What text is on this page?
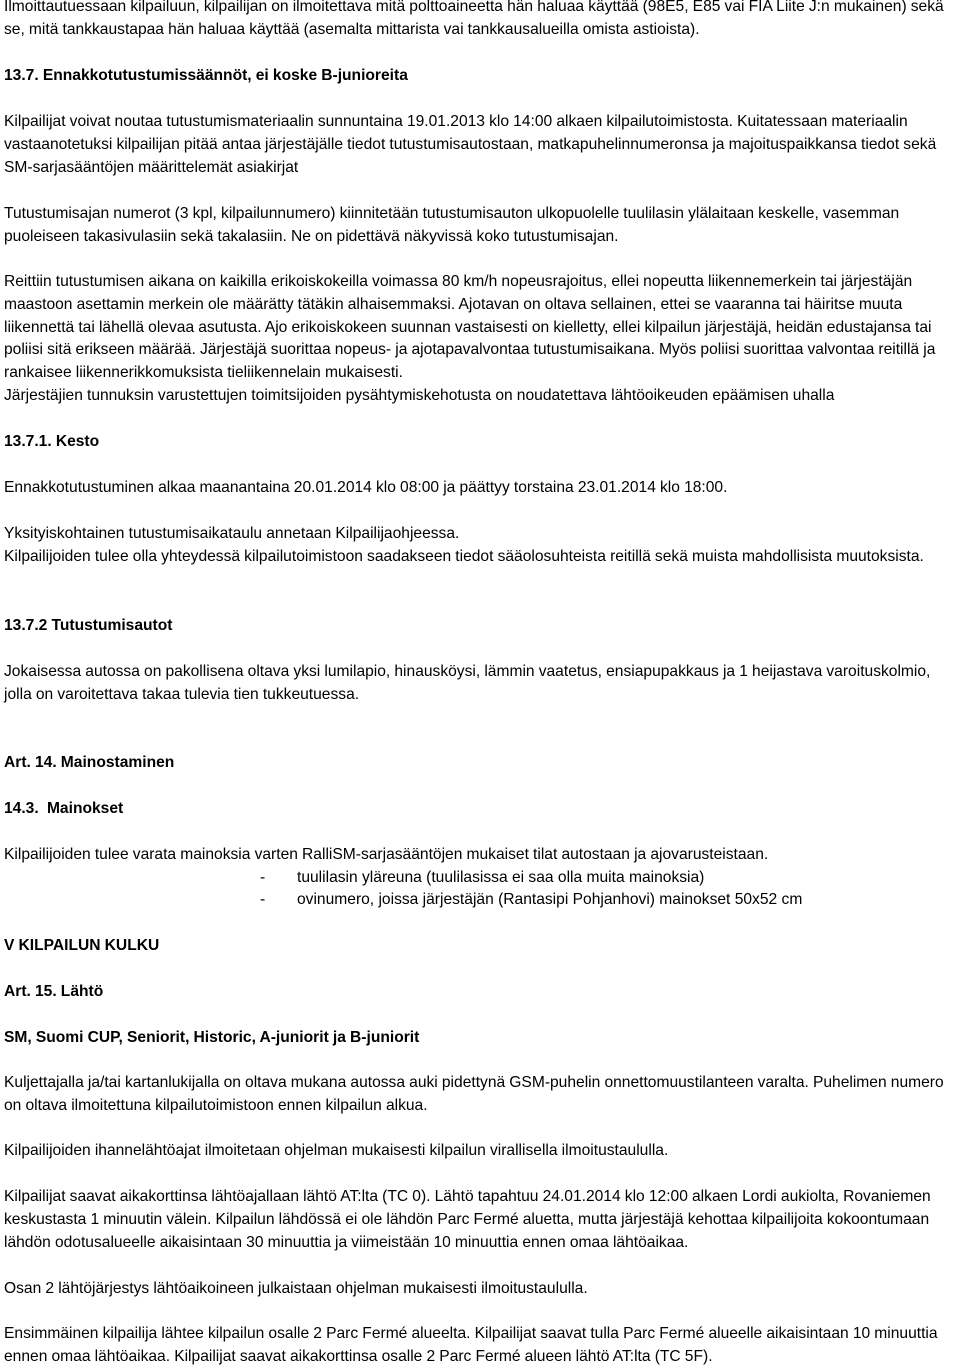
Ilmoittautuessaan kilpailuun, kilpailijan on ilmoitettava mitä polttoaineetta hän haluaa käyttää (98E5, E85 vai FIA Liite J:n mukainen) sekä se, mitä tankkaustapaa hän haluaa käyttää (asemalta mittarista vai tankkausalueilla omista astioista).

13.7. Ennakkotutustumissäännöt, ei koske B-junioreita

Kilpailijat voivat noutaa tutustumismateriaalin sunnuntaina 19.01.2013 klo 14:00 alkaen kilpailutoimistosta. Kuitatessaan materiaalin vastaanotetuksi kilpailijan pitää antaa järjestäjälle tiedot tutustumisautostaan, matkapuhelinnumeronsa ja majoituspaikkansa tiedot sekä SM-sarjasääntöjen määrittelemät asiakirjat

Tutustumisajan numerot (3 kpl, kilpailunnumero) kiinnitetään tutustumisauton ulkopuolelle tuulilasin ylälaitaan keskelle, vasemman puoleiseen takasivulasiin sekä takalasiin. Ne on pidettävä näkyvissä koko tutustumisajan.

Reittiin tutustumisen aikana on kaikilla erikoiskokeilla voimassa 80 km/h nopeusrajoitus, ellei nopeutta liikennemerkein tai järjestäjän maastoon asettamin merkein ole määrätty tätäkin alhaisemmaksi. Ajotavan on oltava sellainen, ettei se vaaranna tai häiritse muuta liikennettä tai lähellä olevaa asutusta. Ajo erikoiskokeen suunnan vastaisesti on kielletty, ellei kilpailun järjestäjä, heidän edustajansa tai poliisi sitä erikseen määrää. Järjestäjä suorittaa nopeus- ja ajotapavalvontaa tutustumisaikana. Myös poliisi suorittaa valvontaa reitillä ja rankaisee liikennerikkomuksista tieliikennelain mukaisesti.

Järjestäjien tunnuksin varustettujen toimitsijoiden pysähtymiskehotusta on noudatettava lähtöoikeuden epäämisen uhalla

13.7.1. Kesto

Ennakkotutustuminen alkaa maanantaina 20.01.2014 klo 08:00 ja päättyy torstaina 23.01.2014 klo 18:00.

Yksityiskohtainen tutustumisaikataulu annetaan Kilpailijaohjeessa.

Kilpailijoiden tulee olla yhteydessä kilpailutoimistoon saadakseen tiedot sääolosuhteista reitillä sekä muista mahdollisista muutoksista.

13.7.2 Tutustumisautot

Jokaisessa autossa on pakollisena oltava yksi lumilapio, hinausköysi, lämmin vaatetus, ensiapupakkaus ja 1 heijastava varoituskolmio, jolla on varoitettava takaa tulevia tien tukkeutuessa.

Art. 14. Mainostaminen

14.3.  Mainokset

Kilpailijoiden tulee varata mainoksia varten RalliSM-sarjasääntöjen mukaiset tilat autostaan ja ajovarusteistaan.

- tuulilasin yläreuna (tuulilasissa ei saa olla muita mainoksia)
- ovinumero, joissa järjestäjän (Rantasipi Pohjanhovi) mainokset 50x52 cm

V KILPAILUN KULKU

Art. 15. Lähtö

SM, Suomi CUP, Seniorit, Historic, A-juniorit ja B-juniorit

Kuljettajalla ja/tai kartanlukijalla on oltava mukana autossa auki pidettynä GSM-puhelin onnettomuustilanteen varalta. Puhelimen numero on oltava ilmoitettuna kilpailutoimistoon ennen kilpailun alkua.

Kilpailijoiden ihannelähtöajat ilmoitetaan ohjelman mukaisesti kilpailun virallisella ilmoitustaululla.

Kilpailijat saavat aikakorttinsa lähtöajallaan lähtö AT:lta (TC 0). Lähtö tapahtuu 24.01.2014 klo 12:00 alkaen Lordi aukiolta, Rovaniemen keskustasta 1 minuutin välein. Kilpailun lähdössä ei ole lähdön Parc Fermé aluetta, mutta järjestäjä kehottaa kilpailijoita kokoontumaan lähdön odotusalueelle aikaisintaan 30 minuuttia ja viimeistään 10 minuuttia ennen omaa lähtöaikaa.

Osan 2 lähtöjärjestys lähtöaikoineen julkaistaan ohjelman mukaisesti ilmoitustaululla.

Ensimmäinen kilpailija lähtee kilpailun osalle 2 Parc Fermé alueelta. Kilpailijat saavat tulla Parc Fermé alueelle aikaisintaan 10 minuuttia ennen omaa lähtöaikaa. Kilpailijat saavat aikakorttinsa osalle 2 Parc Fermé alueen lähtö AT:lta (TC 5F).
